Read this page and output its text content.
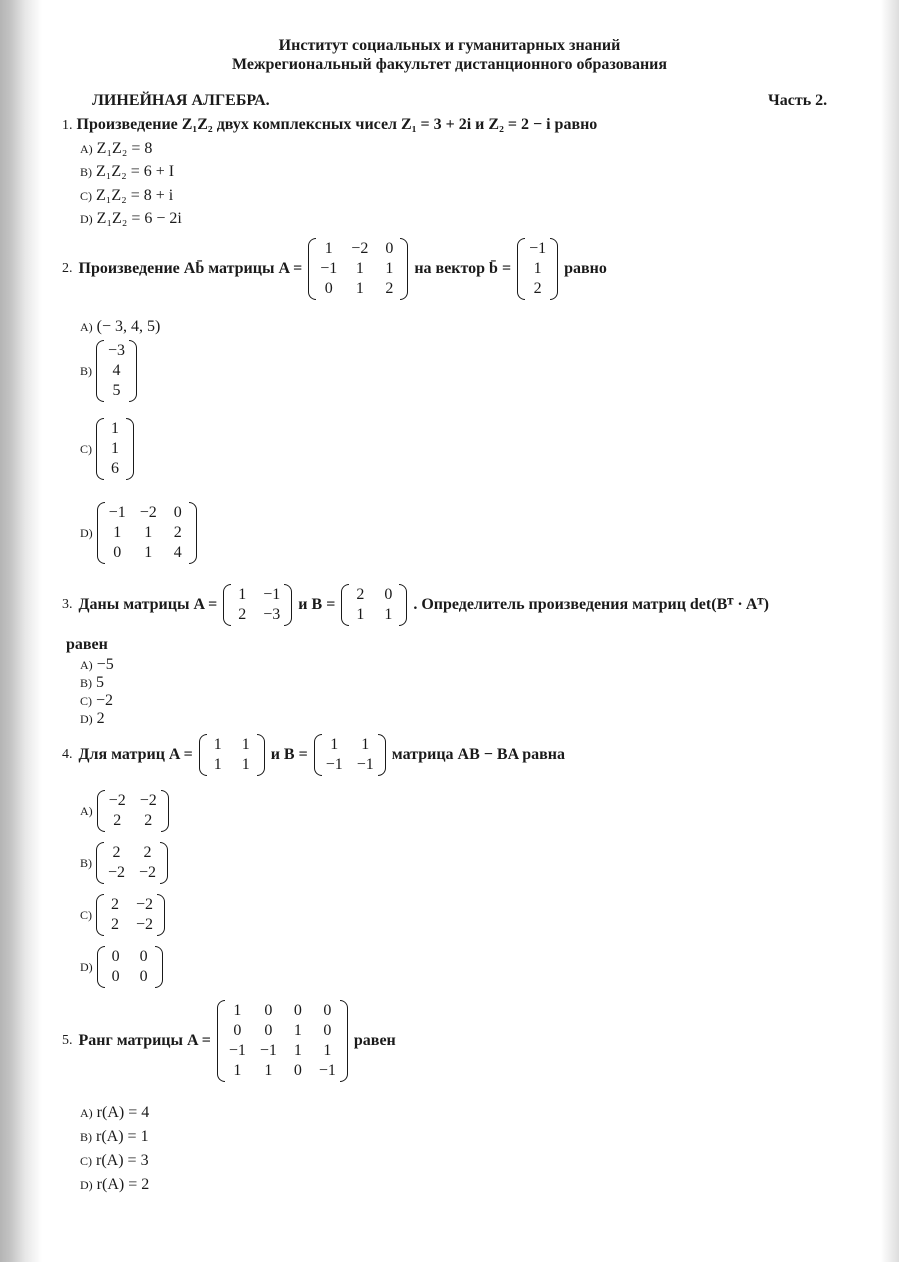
Институт социальных и гуманитарных знаний
Межрегиональный факультет дистанционного образования
ЛИНЕЙНАЯ АЛГЕБРА.	Часть 2.
1. Произведение Z₁Z₂ двух комплексных чисел Z₁ = 3 + 2i и Z₂ = 2 − i равно
A) Z₁Z₂ = 8
B) Z₁Z₂ = 6 + I
C) Z₁Z₂ = 8 + i
D) Z₁Z₂ = 6 − 2i
2. Произведение Ab̄ матрицы A =
1 −2 0
−1 1 1
0 1 2
на вектор b̄ =
−1
1
2
равно
A) (− 3, 4, 5)
B)
−3
4
5
C)
1
1
6
D)
−1 −2 0
1 1 2
0 1 4
3. Даны матрицы A =
1 −1
2 −3
и B =
2 0
1 1
. Определитель произведения матриц det(Bᵀ · Aᵀ)
равен
A) −5
B) 5
C) −2
D) 2
4. Для матриц A =
1 1
1 1
и B =
1 1
−1 −1
матрица AB − BA равна
A)
−2 −2
2 2
B)
2 2
−2 −2
C)
2 −2
2 −2
D)
0 0
0 0
5. Ранг матрицы A =
1 0 0 0
0 0 1 0
−1 −1 1 1
1 1 0 −1
равен
A) r(A) = 4
B) r(A) = 1
C) r(A) = 3
D) r(A) = 2
